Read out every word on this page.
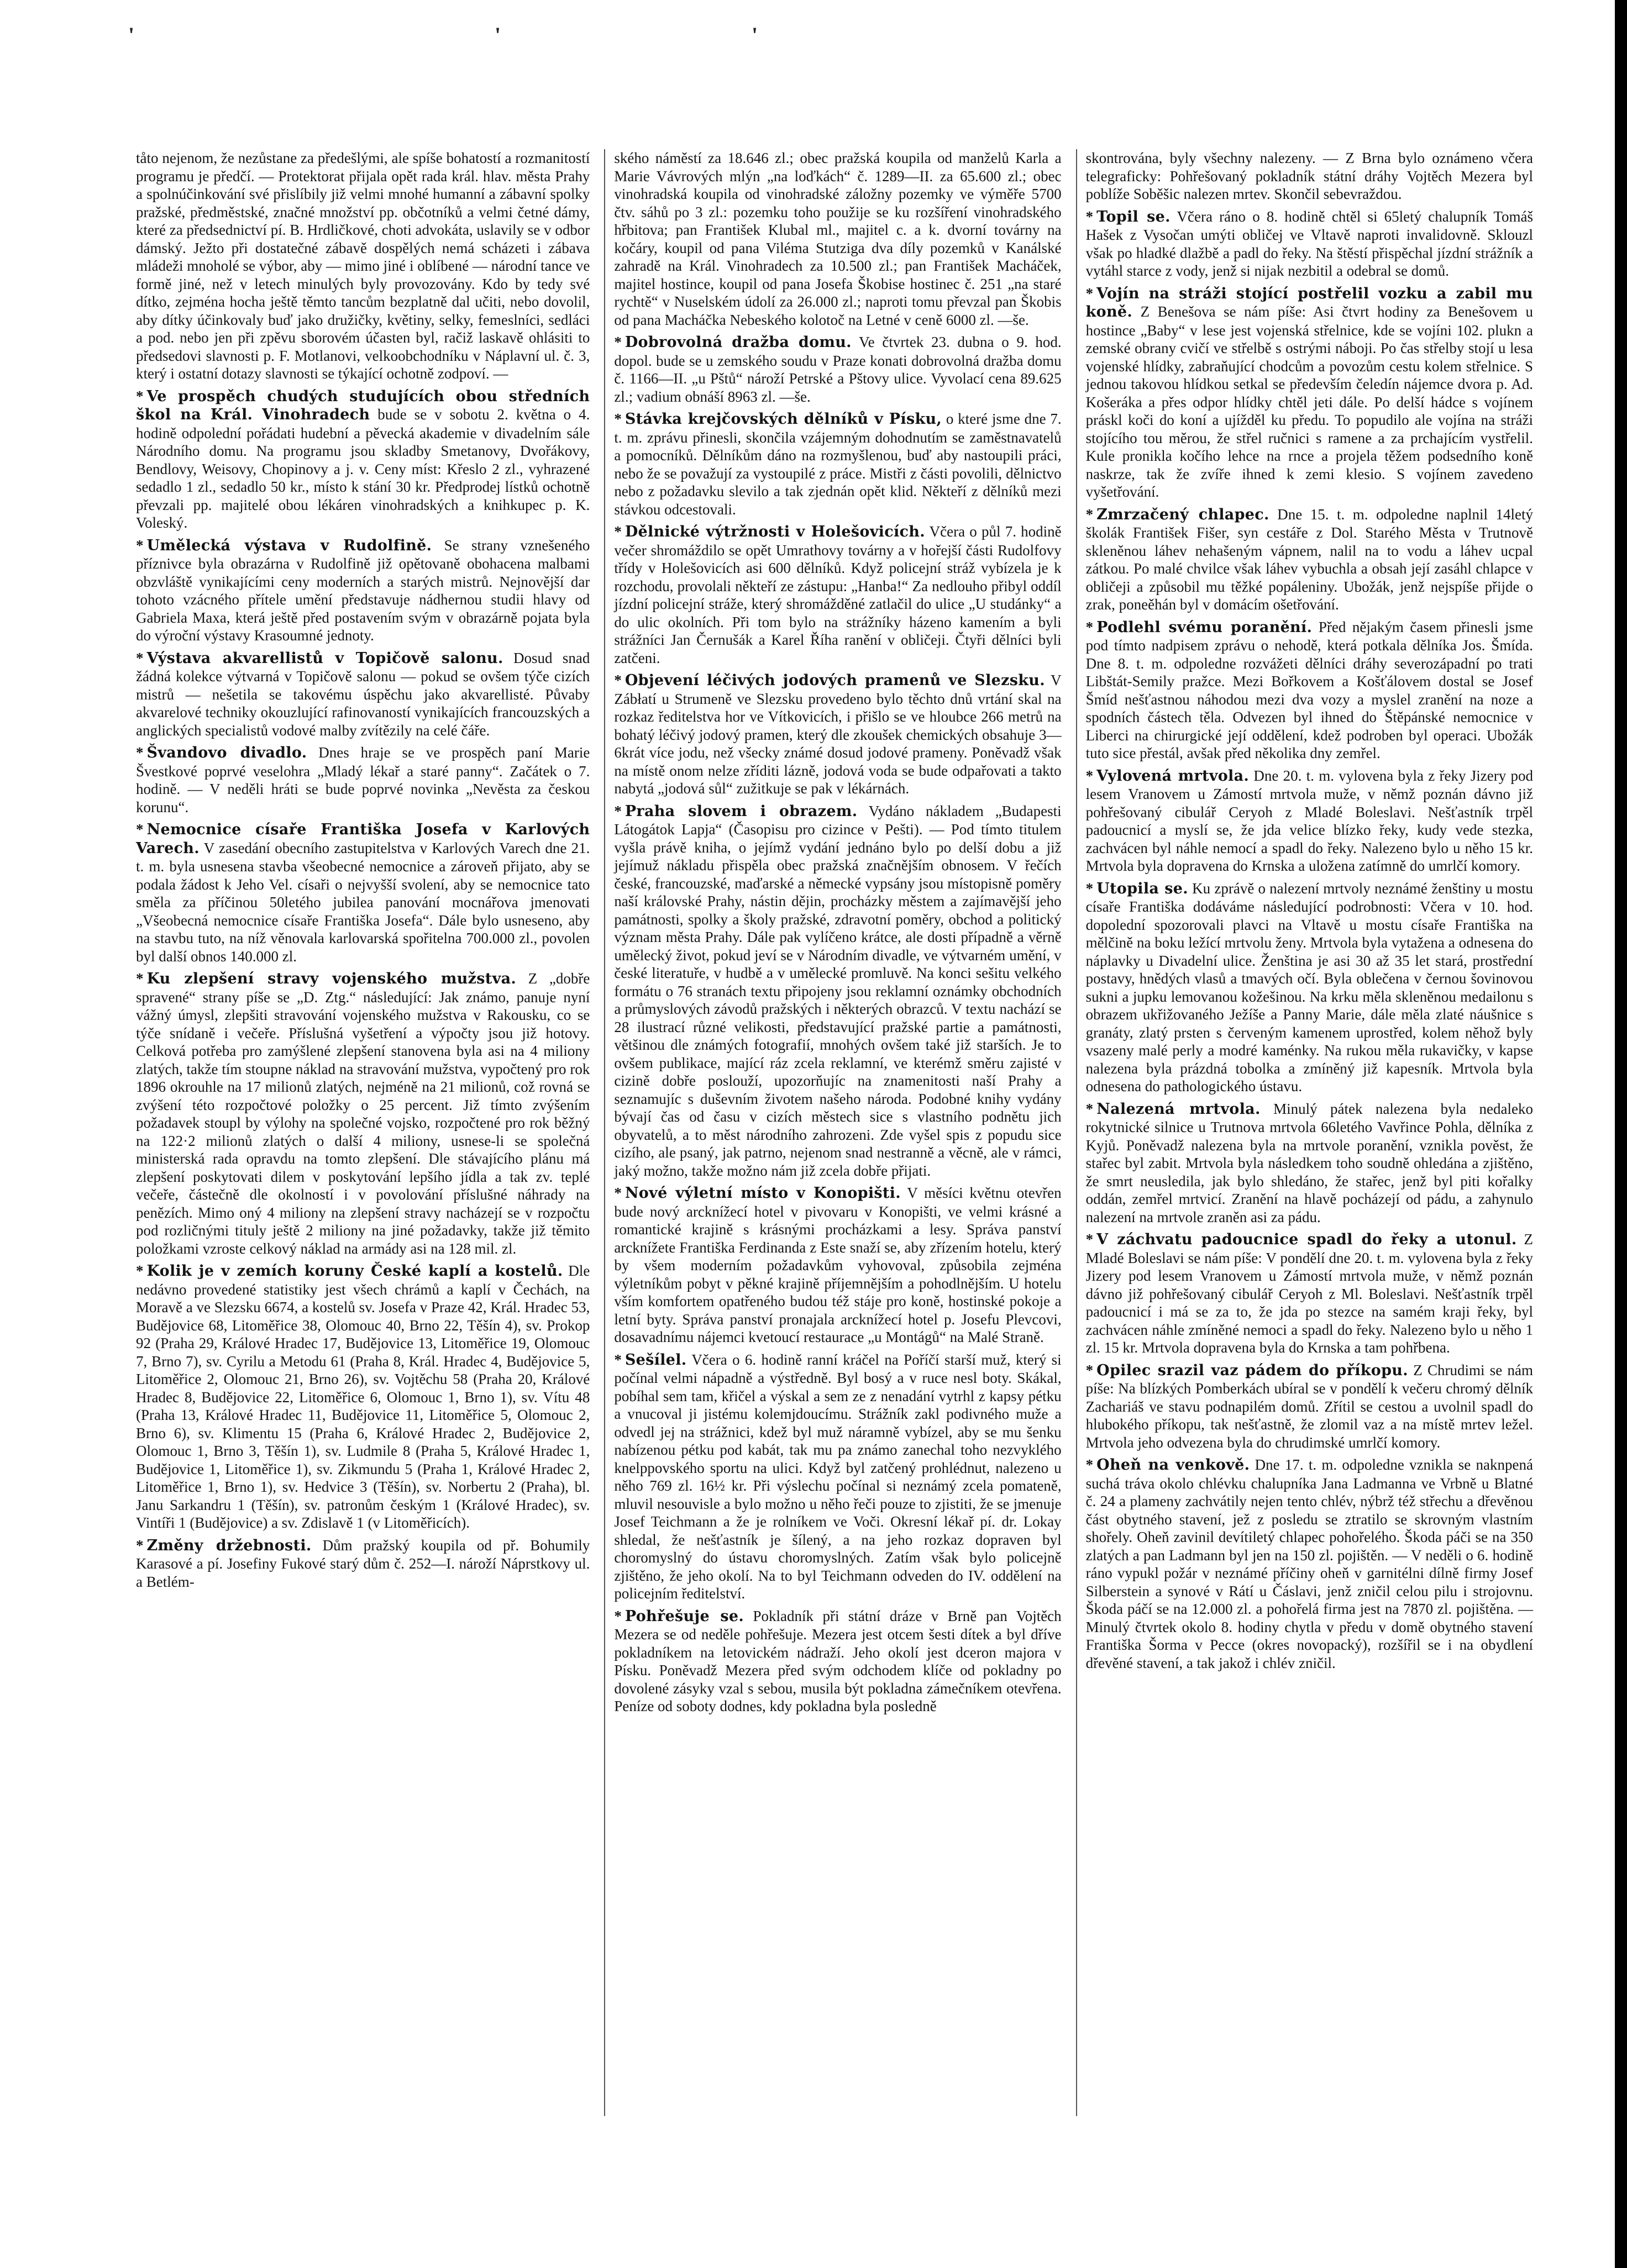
'	'	'

tåto nejenom, že nezůstane za předešlými, ale spíše bohatostí a rozmanitostí programu je předčí. — Protektorat přijala opět rada král. hlav. města Prahy a spolnúčinkování své přislíbily již velmi mnohé humanní a zábavní spolky pražské, předměstské, značné množství pp. občotníků a velmi četné dámy, které za předsednictví pí. B. Hrdličkové, choti advokáta, uslavily se v odbor dámský. Ježto při dostatečné zábavě dospělých nemá scházeti i zábava mládeži mnoholé se výbor, aby — mimo jiné i oblíbené — národní tance ve formě jiné, než v letech minulých byly provozovány. Kdo by tedy své dítko, zejména hocha ještě těmto tancům bezplatně dal učiti, nebo dovolil, aby dítky účinkovaly buď jako družičky, květiny, selky, femeslníci, sedláci a pod. nebo jen při zpěvu sborovém účasten byl, račiž laskavě ohlásiti to předsedovi slavnosti p. F. Motlanovi, velkoobchodníku v Náplavní ul. č. 3, který i ostatní dotazy slavnosti se týkající ochotně zodpoví. —

* Ve prospěch chudých studujících obou středních škol na Král. Vinohradech bude se v sobotu 2. května o 4. hodině odpolední pořádati hudební a pěvecká akademie v divadelním sále Národního domu. Na programu jsou skladby Smetanovy, Dvořákovy, Bendlovy, Weisovy, Chopinovy a j. v. Ceny míst: Křeslo 2 zl., vyhrazené sedadlo 1 zl., sedadlo 50 kr., místo k stání 30 kr. Předprodej lístků ochotně převzali pp. majitelé obou lékáren vinohradských a knihkupec p. K. Voleský.

* Umělecká výstava v Rudolfině. Se strany vznešeného příznivce byla obrazárna v Rudolfině již opětovaně obohacena malbami obzvláště vynikajícími ceny moderních a starých mistrů. Nejnovější dar tohoto vzácného přítele umění představuje nádhernou studii hlavy od Gabriela Maxa, která ještě před postavením svým v obrazárně pojata byla do výroční výstavy Krasoumné jednoty.

* Výstava akvarellistů v Topičově salonu. Dosud snad žádná kolekce výtvarná v Topičově salonu — pokud se ovšem týče cizích mistrů — nešetila se takovému úspěchu jako akvarellisté. Půvaby akvarelové techniky okouzlující rafinovaností vynikajících francouzských a anglických specialistů vodové malby zvítězily na celé čáře.

* Švandovo divadlo. Dnes hraje se ve prospěch paní Marie Švestkové poprvé veselohra „Mladý lékař a staré panny“. Začátek o 7. hodině. — V neděli hráti se bude poprvé novinka „Nevěsta za českou korunu“.

* Nemocnice císaře Františka Josefa v Karlových Varech. V zasedání obecního zastupitelstva v Karlových Varech dne 21. t. m. byla usnesena stavba všeobecné nemocnice a zároveň přijato, aby se podala žádost k Jeho Vel. císaři o nejvyšší svolení, aby se nemocnice tato směla za příčinou 50letého jubilea panování mocnářova jmenovati „Všeobecná nemocnice císaře Františka Josefa“. Dále bylo usneseno, aby na stavbu tuto, na níž věnovala karlovarská spořitelna 700.000 zl., povolen byl další obnos 140.000 zl.

* Ku zlepšení stravy vojenského mužstva. Z „dobře spravené“ strany píše se „D. Ztg.“ následující: Jak známo, panuje nyní vážný úmysl, zlepšiti stravování vojenského mužstva v Rakousku, co se týče snídaně i večeře. Příslušná vyšetření a výpočty jsou již hotovy. Celková potřeba pro zamýšlené zlepšení stanovena byla asi na 4 miliony zlatých, takže tím stoupne náklad na stravování mužstva, vypočtený pro rok 1896 okrouhle na 17 milionů zlatých, nejméně na 21 milionů, což rovná se zvýšení této rozpočtové položky o 25 percent. Již tímto zvýšením požadavek stoupl by výlohy na společné vojsko, rozpočtené pro rok běžný na 122·2 milionů zlatých o další 4 miliony, usnese-li se společná ministerská rada opravdu na tomto zlepšení. Dle stávajícího plánu má zlepšení poskytovati dilem v poskytování lepšího jídla a tak zv. teplé večeře, částečně dle okolností i v povolování příslušné náhrady na penězích. Mimo oný 4 miliony na zlepšení stravy nacházejí se v rozpočtu pod rozličnými tituly ještě 2 miliony na jiné požadavky, takže již těmito položkami vzroste celkový náklad na armády asi na 128 mil. zl.

* Kolik je v zemích koruny České kaplí a kostelů. Dle nedávno provedené statistiky jest všech chrámů a kaplí v Čechách, na Moravě a ve Slezsku 6674, a kostelů sv. Josefa v Praze 42, Král. Hradec 53, Budějovice 68, Litoměřice 38, Olomouc 40, Brno 22, Těšín 4), sv. Prokop 92 (Praha 29, Králové Hradec 17, Budějovice 13, Litoměřice 19, Olomouc 7, Brno 7), sv. Cyrilu a Metodu 61 (Praha 8, Král. Hradec 4, Budějovice 5, Litoměřice 2, Olomouc 21, Brno 26), sv. Vojtěchu 58 (Praha 20, Králové Hradec 8, Budějovice 22, Litoměřice 6, Olomouc 1, Brno 1), sv. Vítu 48 (Praha 13, Králové Hradec 11, Budějovice 11, Litoměřice 5, Olomouc 2, Brno 6), sv. Klimentu 15 (Praha 6, Králové Hradec 2, Budějovice 2, Olomouc 1, Brno 3, Těšín 1), sv. Ludmile 8 (Praha 5, Králové Hradec 1, Budějovice 1, Litoměřice 1), sv. Zikmundu 5 (Praha 1, Králové Hradec 2, Litoměřice 1, Brno 1), sv. Hedvice 3 (Těšín), sv. Norbertu 2 (Praha), bl. Janu Sarkandru 1 (Těšín), sv. patronům českým 1 (Králové Hradec), sv. Vintíři 1 (Budějovice) a sv. Zdislavě 1 (v Litoměřicích).

* Změny držebnosti. Dům pražský koupila od př. Bohumily Karasové a pí. Josefiny Fukové starý dům č. 252—I. nároží Náprstkovy ul. a Betlém-

ského náměstí za 18.646 zl.; obec pražská koupila od manželů Karla a Marie Vávrových mlýn „na loďkách“ č. 1289—II. za 65.600 zl.; obec vinohradská koupila od vinohradské záložny pozemky ve výměře 5700 čtv. sáhů po 3 zl.: pozemku toho použije se ku rozšíření vinohradského hřbitova; pan František Klubal ml., majitel c. a k. dvorní továrny na kočáry, koupil od pana Viléma Stutziga dva díly pozemků v Kanálské zahradě na Král. Vinohradech za 10.500 zl.; pan František Macháček, majitel hostince, koupil od pana Josefa Škobise hostinec č. 251 „na staré rychtě“ v Nuselském údolí za 26.000 zl.; naproti tomu převzal pan Škobis od pana Macháčka Nebeského kolotoč na Letné v ceně 6000 zl. —še.

* Dobrovolná dražba domu. Ve čtvrtek 23. dubna o 9. hod. dopol. bude se u zemského soudu v Praze konati dobrovolná dražba domu č. 1166—II. „u Pštů“ nároží Petrské a Pštovy ulice. Vyvolací cena 89.625 zl.; vadium obnáší 8963 zl. —še.

* Stávka krejčovských dělníků v Písku, o které jsme dne 7. t. m. zprávu přinesli, skončila vzájemným dohodnutím se zaměstnavatelů a pomocníků. Dělníkům dáno na rozmyšlenou, buď aby nastoupili práci, nebo že se považují za vystoupilé z práce. Mistři z části povolili, dělnictvo nebo z požadavku slevilo a tak zjednán opět klid. Někteří z dělníků mezi stávkou odcestovali.

* Dělnické výtržnosti v Holešovicích. Včera o půl 7. hodině večer shromáždilo se opět Umrathovy továrny a v hořejší části Rudolfovy třídy v Holešovicích asi 600 dělníků. Když policejní stráž vybízela je k rozchodu, provolali někteří ze zástupu: „Hanba!“ Za nedlouho přibyl oddíl jízdní policejní stráže, který shromážděné zatlačil do ulice „U studánky“ a do ulic okolních. Při tom bylo na strážníky házeno kamením a byli strážníci Jan Černušák a Karel Říha ranění v obličeji. Čtyři dělníci byli zatčeni.

* Objevení léčivých jodových pramenů ve Slezsku. V Zábłatí u Strumeně ve Slezsku provedeno bylo těchto dnů vrtání skal na rozkaz ředitelstva hor ve Vítkovicích, i přišlo se ve hloubce 266 metrů na bohatý léčivý jodový pramen, který dle zkoušek chemických obsahuje 3—6krát více jodu, než všecky známé dosud jodové prameny. Poněvadž však na místě onom nelze zříditi lázně, jodová voda se bude odpařovati a takto nabytá „jodová sůl“ zužitkuje se pak v lékárnách.

* Praha slovem i obrazem. Vydáno nákladem „Budapesti Látogátok Lapja“ (Časopisu pro cizince v Pešti). — Pod tímto titulem vyšla právě kniha, o jejímž vydání jednáno bylo po delší dobu a již jejímuž nákladu přispěla obec pražská značnějším obnosem. V řečích české, francouzské, maďarské a německé vypsány jsou místopisně poměry naší královské Prahy, nástin dějin, procházky městem a zajímavější jeho památnosti, spolky a školy pražské, zdravotní poměry, obchod a politický význam města Prahy. Dále pak vylíčeno krátce, ale dosti případně a věrně umělecký život, pokud jeví se v Národním divadle, ve výtvarném umění, v české literatuře, v hudbě a v umělecké promluvě. Na konci sešitu velkého formátu o 76 stranách textu připojeny jsou reklamní oznámky obchodních a průmyslových závodů pražských i některých obrazců. V textu nachází se 28 ilustrací různé velikosti, představující pražské partie a památnosti, většinou dle známých fotografií, mnohých ovšem také již starších. Je to ovšem publikace, mající ráz zcela reklamní, ve kterémž směru zajisté v cizině dobře poslouží, upozorňujíc na znamenitosti naší Prahy a seznamujíc s duševním životem našeho národa. Podobné knihy vydány bývají čas od času v cizích městech sice s vlastního podnětu jich obyvatelů, a to měst národního zahrozeni. Zde vyšel spis z popudu sice cizího, ale psaný, jak patrno, nejenom snad nestranně a věcně, ale v rámci, jaký možno, takže možno nám již zcela dobře přijati.

* Nové výletní místo v Konopišti. V měsíci květnu otevřen bude nový arcknížecí hotel v pivovaru v Konopišti, ve velmi krásné a romantické krajině s krásnými procházkami a lesy. Správa panství arcknížete Františka Ferdinanda z Este snaží se, aby zřízením hotelu, který by všem moderním požadavkům vyhovoval, způsobila zejména výletníkům pobyt v pěkné krajině příjemnějším a pohodlnějším. U hotelu vším komfortem opatřeného budou též stáje pro koně, hostinské pokoje a letní byty. Správa panství pronajala arcknížecí hotel p. Josefu Plevcovi, dosavadnímu nájemci kvetoucí restaurace „u Montágů“ na Malé Straně.

* Sešílel. Včera o 6. hodině ranní kráčel na Poříčí starší muž, který si počínal velmi nápadně a výstředně. Byl bosý a v ruce nesl boty. Skákal, pobíhal sem tam, křičel a výskal a sem ze z nenadání vytrhl z kapsy pétku a vnucoval ji jistému kolemjdoucímu. Strážník zakl podivného muže a odvedl jej na strážnici, kdež byl muž náramně vybízel, aby se mu šenku nabízenou pétku pod kabát, tak mu pa známo zanechal toho nezvyklého knelppovského sportu na ulici. Když byl zatčený prohlédnut, nalezeno u něho 769 zl. 16½ kr. Při výslechu počínal si neznámý zcela pomateně, mluvil nesouvisle a bylo možno u něho řeči pouze to zjistiti, že se jmenuje Josef Teichmann a že je rolníkem ve Voči. Okresní lékař pí. dr. Lokay shledal, že nešťastník je šílený, a na jeho rozkaz dopraven byl choromyslný do ústavu choromyslných. Zatím však bylo policejně zjištěno, že jeho okolí. Na to byl Teichmann odveden do IV. oddělení na policejním ředitelství.

* Pohřešuje se. Pokladník při státní dráze v Brně pan Vojtěch Mezera se od neděle pohřešuje. Mezera jest otcem šesti dítek a byl dříve pokladníkem na letovickém nádraží. Jeho okolí jest dceron majora v Písku. Poněvadž Mezera před svým odchodem klíče od pokladny po dovolené zásyky vzal s sebou, musila být pokladna zámečníkem otevřena. Peníze od soboty dodnes, kdy pokladna byla posledně

skontrována, byly všechny nalezeny. — Z Brna bylo oznámeno včera telegraficky: Pohřešovaný pokladník státní dráhy Vojtěch Mezera byl poblíže Soběšic nalezen mrtev. Skončil sebevraždou.

* Topil se. Včera ráno o 8. hodině chtěl si 65letý chalupník Tomáš Hašek z Vysočan umýti obličej ve Vltavě naproti invalidovně. Sklouzl však po hladké dlažbě a padl do řeky. Na štěstí přispěchal jízdní strážník a vytáhl starce z vody, jenž si nijak nezbitil a odebral se domů.

* Vojín na stráži stojící postřelil vozku a zabil mu koně. Z Benešova se nám píše: Asi čtvrt hodiny za Benešovem u hostince „Baby“ v lese jest vojenská střelnice, kde se vojíni 102. plukn a zemské obrany cvičí ve střelbě s ostrými náboji. Po čas střelby stojí u lesa vojenské hlídky, zabraňující chodcům a povozům cestu kolem střelnice. S jednou takovou hlídkou setkal se především čeledín nájemce dvora p. Ad. Košeráka a přes odpor hlídky chtěl jeti dále. Po delší hádce s vojínem práskl koči do koní a ujížděl ku předu. To popudilo ale vojína na stráži stojícího tou měrou, že střel ručnici s ramene a za prchajícím vystřelil. Kule pronikla kočího lehce na rnce a projela těžem podsedního koně naskrze, tak že zvíře ihned k zemi klesio. S vojínem zavedeno vyšetřování.

* Zmrzačený chlapec. Dne 15. t. m. odpoledne naplnil 14letý školák František Fišer, syn cestáře z Dol. Starého Města v Trutnově skleněnou láhev nehašeným vápnem, nalil na to vodu a láhev ucpal zátkou. Po malé chvilce však láhev vybuchla a obsah její zasáhl chlapce v obličeji a způsobil mu těžké popáleniny. Ubožák, jenž nejspíše přijde o zrak, poneěhán byl v domácím ošetřování.

* Podlehl svému poranění. Před nějakým časem přinesli jsme pod tímto nadpisem zprávu o nehodě, která potkala dělníka Jos. Šmída. Dne 8. t. m. odpoledne rozvážeti dělníci dráhy severozápadní po trati Libštát-Semily pražce. Mezi Bořkovem a Košťálovem dostal se Josef Šmíd nešťastnou náhodou mezi dva vozy a myslel zranění na noze a spodních částech těla. Odvezen byl ihned do Štěpánské nemocnice v Liberci na chirurgické její oddělení, kdež podroben byl operaci. Ubožák tuto sice přestál, avšak před několika dny zemřel.

* Vylovená mrtvola. Dne 20. t. m. vylovena byla z řeky Jizery pod lesem Vranovem u Zámostí mrtvola muže, v němž poznán dávno již pohřešovaný cibulář Ceryoh z Mladé Boleslavi. Nešťastník trpěl padoucnicí a myslí se, že jda velice blízko řeky, kudy vede stezka, zachvácen byl náhle nemocí a spadl do řeky. Nalezeno bylo u něho 15 kr. Mrtvola byla dopravena do Krnska a uložena zatímně do umrlčí komory.

* Utopila se. Ku zprávě o nalezení mrtvoly neznámé ženštiny u mostu císaře Františka dodáváme následující podrobnosti: Včera v 10. hod. dopolední spozorovali plavci na Vltavě u mostu císaře Františka na mělčině na boku ležící mrtvolu ženy. Mrtvola byla vytažena a odnesena do náplavky u Divadelní ulice. Ženština je asi 30 až 35 let stará, prostřední postavy, hnědých vlasů a tmavých očí. Byla oblečena v černou šovinovou sukni a jupku lemovanou kožešinou. Na krku měla skleněnou medailonu s obrazem ukřižovaného Ježíše a Panny Marie, dále měla zlaté náušnice s granáty, zlatý prsten s červeným kamenem uprostřed, kolem něhož byly vsazeny malé perly a modré kaménky. Na rukou měla rukavičky, v kapse nalezena byla prázdná tobolka a zmíněný již kapesník. Mrtvola byla odnesena do pathologického ústavu.

* Nalezená mrtvola. Minulý pátek nalezena byla nedaleko rokytnické silnice u Trutnova mrtvola 66letého Vavřince Pohla, dělníka z Kyjů. Poněvadž nalezena byla na mrtvole poranění, vznikla pověst, že stařec byl zabit. Mrtvola byla následkem toho soudně ohledána a zjištěno, že smrt neusledila, jak bylo shledáno, že stařec, jenž byl piti kořalky oddán, zemřel mrtvicí. Zranění na hlavě pocházejí od pádu, a zahynulo nalezení na mrtvole zraněn asi za pádu.

* V záchvatu padoucnice spadl do řeky a utonul. Z Mladé Boleslavi se nám píše: V pondělí dne 20. t. m. vylovena byla z řeky Jizery pod lesem Vranovem u Zámostí mrtvola muže, v němž poznán dávno již pohřešovaný cibulář Ceryoh z Ml. Boleslavi. Nešťastník trpěl padoucnicí i má se za to, že jda po stezce na samém kraji řeky, byl zachvácen náhle zmíněné nemoci a spadl do řeky. Nalezeno bylo u něho 1 zl. 15 kr. Mrtvola dopravena byla do Krnska a tam pohřbena.

* Opilec srazil vaz pádem do příkopu. Z Chrudimi se nám píše: Na blízkých Pomberkách ubíral se v pondělí k večeru chromý dělník Zachariáš ve stavu podnapilém domů. Zřítil se cestou a uvolnil spadl do hlubokého příkopu, tak nešťastně, že zlomil vaz a na místě mrtev ležel. Mrtvola jeho odvezena byla do chrudimské umrlčí komory.

* Oheň na venkově. Dne 17. t. m. odpoledne vznikla se naknpená suchá tráva okolo chlévku chalupníka Jana Ladmanna ve Vrbně u Blatné č. 24 a plameny zachvátily nejen tento chlév, nýbrž též střechu a dřevěnou část obytného stavení, jež z posledu se ztratilo se skrovným vlastním shořely. Oheň zavinil devítiletý chlapec pohořelého. Škoda páči se na 350 zlatých a pan Ladmann byl jen na 150 zl. pojištěn. — V neděli o 6. hodině ráno vypukl požár v neznámé příčiny oheň v garnitélni dílně firmy Josef Silberstein a synové v Rátí u Čáslavi, jenž zničil celou pilu i strojovnu. Škoda páčí se na 12.000 zl. a pohořelá firma jest na 7870 zl. pojištěna. — Minulý čtvrtek okolo 8. hodiny chytla v předu v domě obytného stavení Františka Šorma v Pecce (okres novopacký), rozšířil se i na obydlení dřevěné stavení, a tak jakož i chlév zničil.
